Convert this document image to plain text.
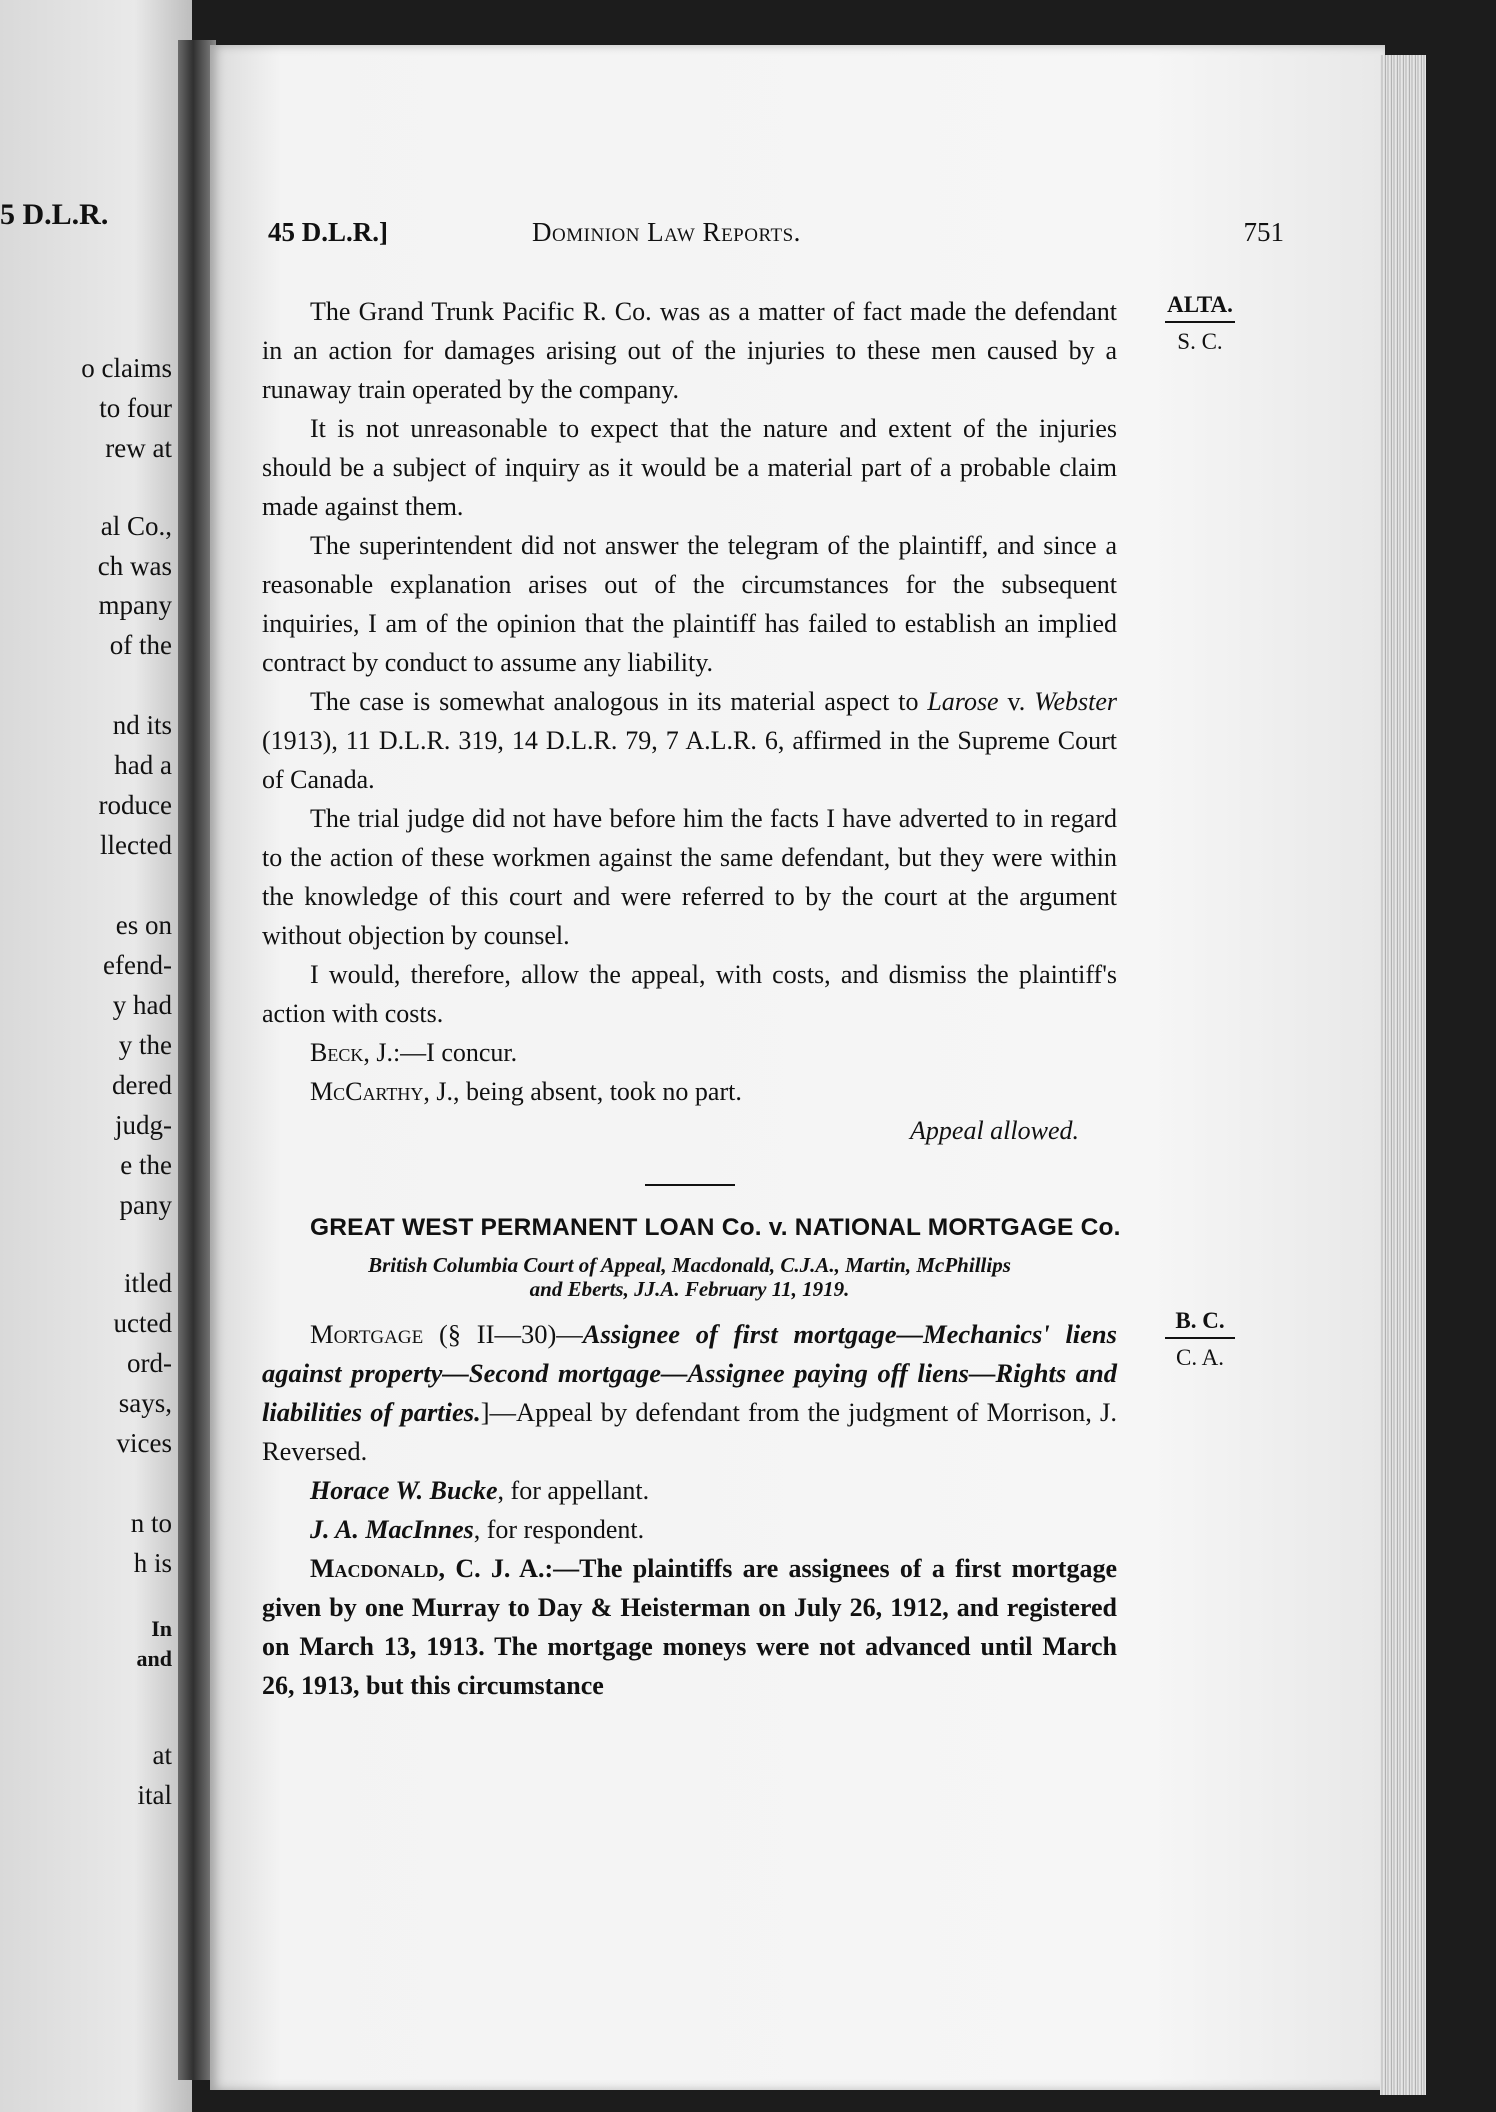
5 D.L.R.
o claims
to four
rew at
al Co.,
ch was
mpany
of the
nd its
had a
roduce
llected
es on
efend-
y had
y the
dered
judg-
e the
pany
itled
ucted
ord-
says,
vices
n to
h is
In
and
at
ital
45 D.L.R.]	Dominion Law Reports.	751
ALTA.
S. C.
B. C.
C. A.

The Grand Trunk Pacific R. Co. was as a matter of fact made the defendant in an action for damages arising out of the injuries to these men caused by a runaway train operated by the company.

It is not unreasonable to expect that the nature and extent of the injuries should be a subject of inquiry as it would be a material part of a probable claim made against them.

The superintendent did not answer the telegram of the plaintiff, and since a reasonable explanation arises out of the circumstances for the subsequent inquiries, I am of the opinion that the plaintiff has failed to establish an implied contract by conduct to assume any liability.

The case is somewhat analogous in its material aspect to Larose v. Webster (1913), 11 D.L.R. 319, 14 D.L.R. 79, 7 A.L.R. 6, affirmed in the Supreme Court of Canada.

The trial judge did not have before him the facts I have adverted to in regard to the action of these workmen against the same defendant, but they were within the knowledge of this court and were referred to by the court at the argument without objection by counsel.

I would, therefore, allow the appeal, with costs, and dismiss the plaintiff's action with costs.

Beck, J.:—I concur.

McCarthy, J., being absent, took no part.

Appeal allowed.

GREAT WEST PERMANENT LOAN Co. v. NATIONAL MORTGAGE Co.

British Columbia Court of Appeal, Macdonald, C.J.A., Martin, McPhillips
and Eberts, JJ.A. February 11, 1919.

Mortgage (§ II—30)—Assignee of first mortgage—Mechanics' liens against property—Second mortgage—Assignee paying off liens—Rights and liabilities of parties.]—Appeal by defendant from the judgment of Morrison, J. Reversed.

Horace W. Bucke, for appellant.

J. A. MacInnes, for respondent.

Macdonald, C. J. A.:—The plaintiffs are assignees of a first mortgage given by one Murray to Day & Heisterman on July 26, 1912, and registered on March 13, 1913. The mortgage moneys were not advanced until March 26, 1913, but this circumstance
